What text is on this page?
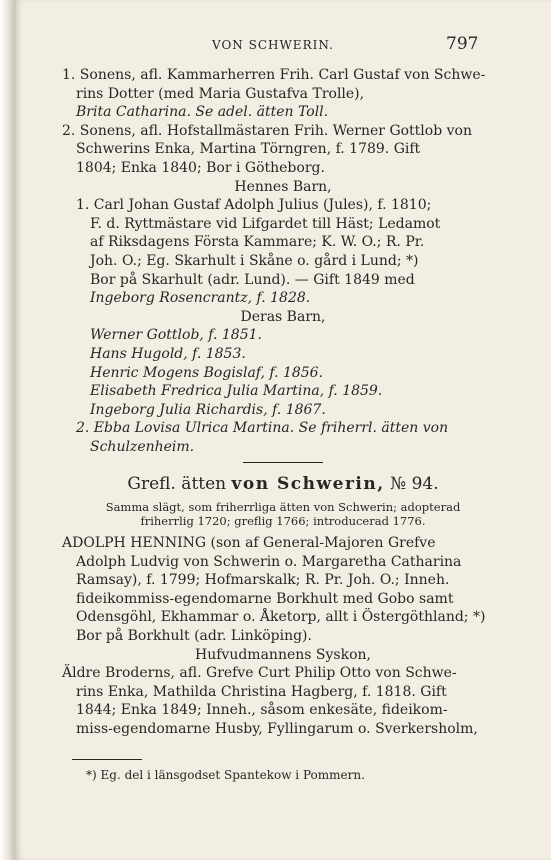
VON SCHWERIN.	797
1. Sonens, afl. Kammarherren Frih. Carl Gustaf von Schwe-
rins Dotter (med Maria Gustafva Trolle),
Brita Catharina. Se adel. ätten Toll.
2. Sonens, afl. Hofstallmästaren Frih. Werner Gottlob von
Schwerins Enka, Martina Törngren, f. 1789. Gift
1804; Enka 1840; Bor i Götheborg.
Hennes Barn,
1. Carl Johan Gustaf Adolph Julius (Jules), f. 1810;
F. d. Ryttmästare vid Lifgardet till Häst; Ledamot
af Riksdagens Första Kammare; K. W. O.; R. Pr.
Joh. O.; Eg. Skarhult i Skåne o. gård i Lund; *)
Bor på Skarhult (adr. Lund). — Gift 1849 med
Ingeborg Rosencrantz, f. 1828.
Deras Barn,
Werner Gottlob, f. 1851.
Hans Hugold, f. 1853.
Henric Mogens Bogislaf, f. 1856.
Elisabeth Fredrica Julia Martina, f. 1859.
Ingeborg Julia Richardis, f. 1867.
2. Ebba Lovisa Ulrica Martina. Se friherrl. ätten von
Schulzenheim.
Grefl. ätten von Schwerin, № 94.
Samma slägt, som friherrliga ätten von Schwerin; adopterad
friherrlig 1720; greflig 1766; introducerad 1776.
ADOLPH HENNING (son af General-Majoren Grefve
Adolph Ludvig von Schwerin o. Margaretha Catharina
Ramsay), f. 1799; Hofmarskalk; R. Pr. Joh. O.; Inneh.
fideikommiss-egendomarne Borkhult med Gobo samt
Odensgöhl, Ekhammar o. Åketorp, allt i Östergöthland; *)
Bor på Borkhult (adr. Linköping).
Hufvudmannens Syskon,
Äldre Broderns, afl. Grefve Curt Philip Otto von Schwe-
rins Enka, Mathilda Christina Hagberg, f. 1818. Gift
1844; Enka 1849; Inneh., såsom enkesäte, fideikom-
miss-egendomarne Husby, Fyllingarum o. Sverkersholm,
*) Eg. del i länsgodset Spantekow i Pommern.
